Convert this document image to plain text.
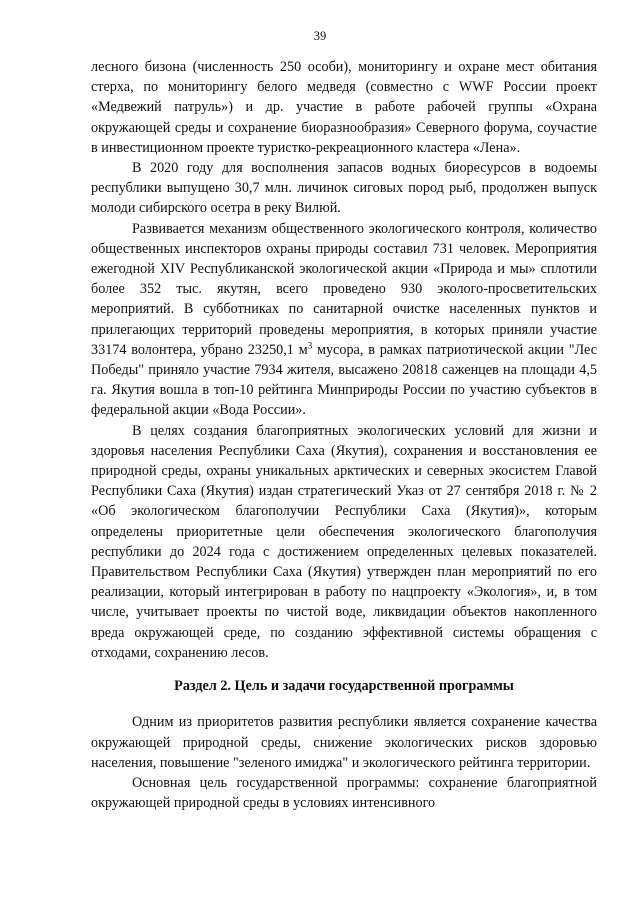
39

лесного бизона (численность 250 особи), мониторингу и охране мест обитания стерха, по мониторингу белого медведя (совместно с WWF России проект «Медвежий патруль») и др. участие в работе рабочей группы «Охрана окружающей среды и сохранение биоразнообразия» Северного форума, соучастие в инвестиционном проекте туристко-рекреационного кластера «Лена».

В 2020 году для восполнения запасов водных биоресурсов в водоемы республики выпущено 30,7 млн. личинок сиговых пород рыб, продолжен выпуск молоди сибирского осетра в реку Вилюй.

Развивается механизм общественного экологического контроля, количество общественных инспекторов охраны природы составил 731 человек. Мероприятия ежегодной XIV Республиканской экологической акции «Природа и мы» сплотили более 352 тыс. якутян, всего проведено 930 эколого-просветительских мероприятий. В субботниках по санитарной очистке населенных пунктов и прилегающих территорий проведены мероприятия, в которых приняли участие 33174 волонтера, убрано 23250,1 $м^3$ мусора, в рамках патриотической акции "Лес Победы" приняло участие 7934 жителя, высажено 20818 саженцев на площади 4,5 га. Якутия вошла в топ-10 рейтинга Минприроды России по участию субъектов в федеральной акции «Вода России».

В целях создания благоприятных экологических условий для жизни и здоровья населения Республики Саха (Якутия), сохранения и восстановления ее природной среды, охраны уникальных арктических и северных экосистем Главой Республики Саха (Якутия) издан стратегический Указ от 27 сентября 2018 г. № 2 «Об экологическом благополучии Республики Саха (Якутия)», которым определены приоритетные цели обеспечения экологического благополучия республики до 2024 года с достижением определенных целевых показателей. Правительством Республики Саха (Якутия) утвержден план мероприятий по его реализации, который интегрирован в работу по нацпроекту «Экология», и, в том числе, учитывает проекты по чистой воде, ликвидации объектов накопленного вреда окружающей среде, по созданию эффективной системы обращения с отходами, сохранению лесов.

Раздел 2. Цель и задачи государственной программы

Одним из приоритетов развития республики является сохранение качества окружающей природной среды, снижение экологических рисков здоровью населения, повышение "зеленого имиджа" и экологического рейтинга территории.

Основная цель государственной программы: сохранение благоприятной окружающей природной среды в условиях интенсивного
